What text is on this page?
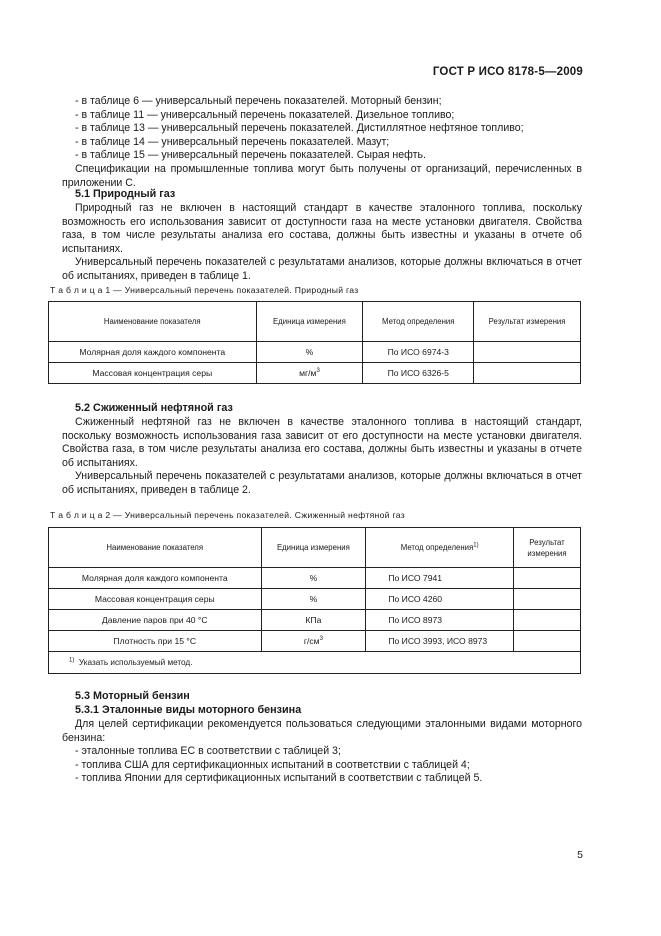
ГОСТ Р ИСО 8178-5—2009

- в таблице 6 — универсальный перечень показателей. Моторный бензин;

- в таблице 11 — универсальный перечень показателей. Дизельное топливо;

- в таблице 13 — универсальный перечень показателей. Дистиллятное нефтяное топливо;

- в таблице 14 — универсальный перечень показателей. Мазут;

- в таблице 15 — универсальный перечень показателей. Сырая нефть.

Спецификации на промышленные топлива могут быть получены от организаций, перечисленных в приложении С.

5.1 Природный газ

Природный газ не включен в настоящий стандарт в качестве эталонного топлива, поскольку возможность его использования зависит от доступности газа на месте установки двигателя. Свойства газа, в том числе результаты анализа его состава, должны быть известны и указаны в отчете об испытаниях.

Универсальный перечень показателей с результатами анализов, которые должны включаться в отчет об испытаниях, приведен в таблице 1.

Т а б л и ц а 1 — Универсальный перечень показателей. Природный газ
Наименование показателя	Единица измерения	Метод определения	Результат измерения
Молярная доля каждого компонента	%	По ИСО 6974-3	
Массовая концентрация серы	$мг/м^3$	По ИСО 6326-5	
5.2 Сжиженный нефтяной газ

Сжиженный нефтяной газ не включен в качестве эталонного топлива в настоящий стандарт, поскольку возможность использования газа зависит от его доступности на месте установки двигателя. Свойства газа, в том числе результаты анализа его состава, должны быть известны и указаны в отчете об испытаниях.

Универсальный перечень показателей с результатами анализов, которые должны включаться в отчет об испытаниях, приведен в таблице 2.

Т а б л и ц а 2 — Универсальный перечень показателей. Сжиженный нефтяной газ
Наименование показателя	Единица измерения	Метод определения$^{1)}$	Результат измерения
Молярная доля каждого компонента	%	По ИСО 7941	
Массовая концентрация серы	%	По ИСО 4260	
Давление паров при 40 °С	КПа	По ИСО 8973	
Плотность при 15 °С	$г/см^3$	По ИСО 3993, ИСО 8973	
$^{1)}$ Указать используемый метод.			
5.3 Моторный бензин
5.3.1 Эталонные виды моторного бензина

Для целей сертификации рекомендуется пользоваться следующими эталонными видами моторного бензина:

- эталонные топлива ЕС в соответствии с таблицей 3;

- топлива США для сертификационных испытаний в соответствии с таблицей 4;

- топлива Японии для сертификационных испытаний в соответствии с таблицей 5.

5
